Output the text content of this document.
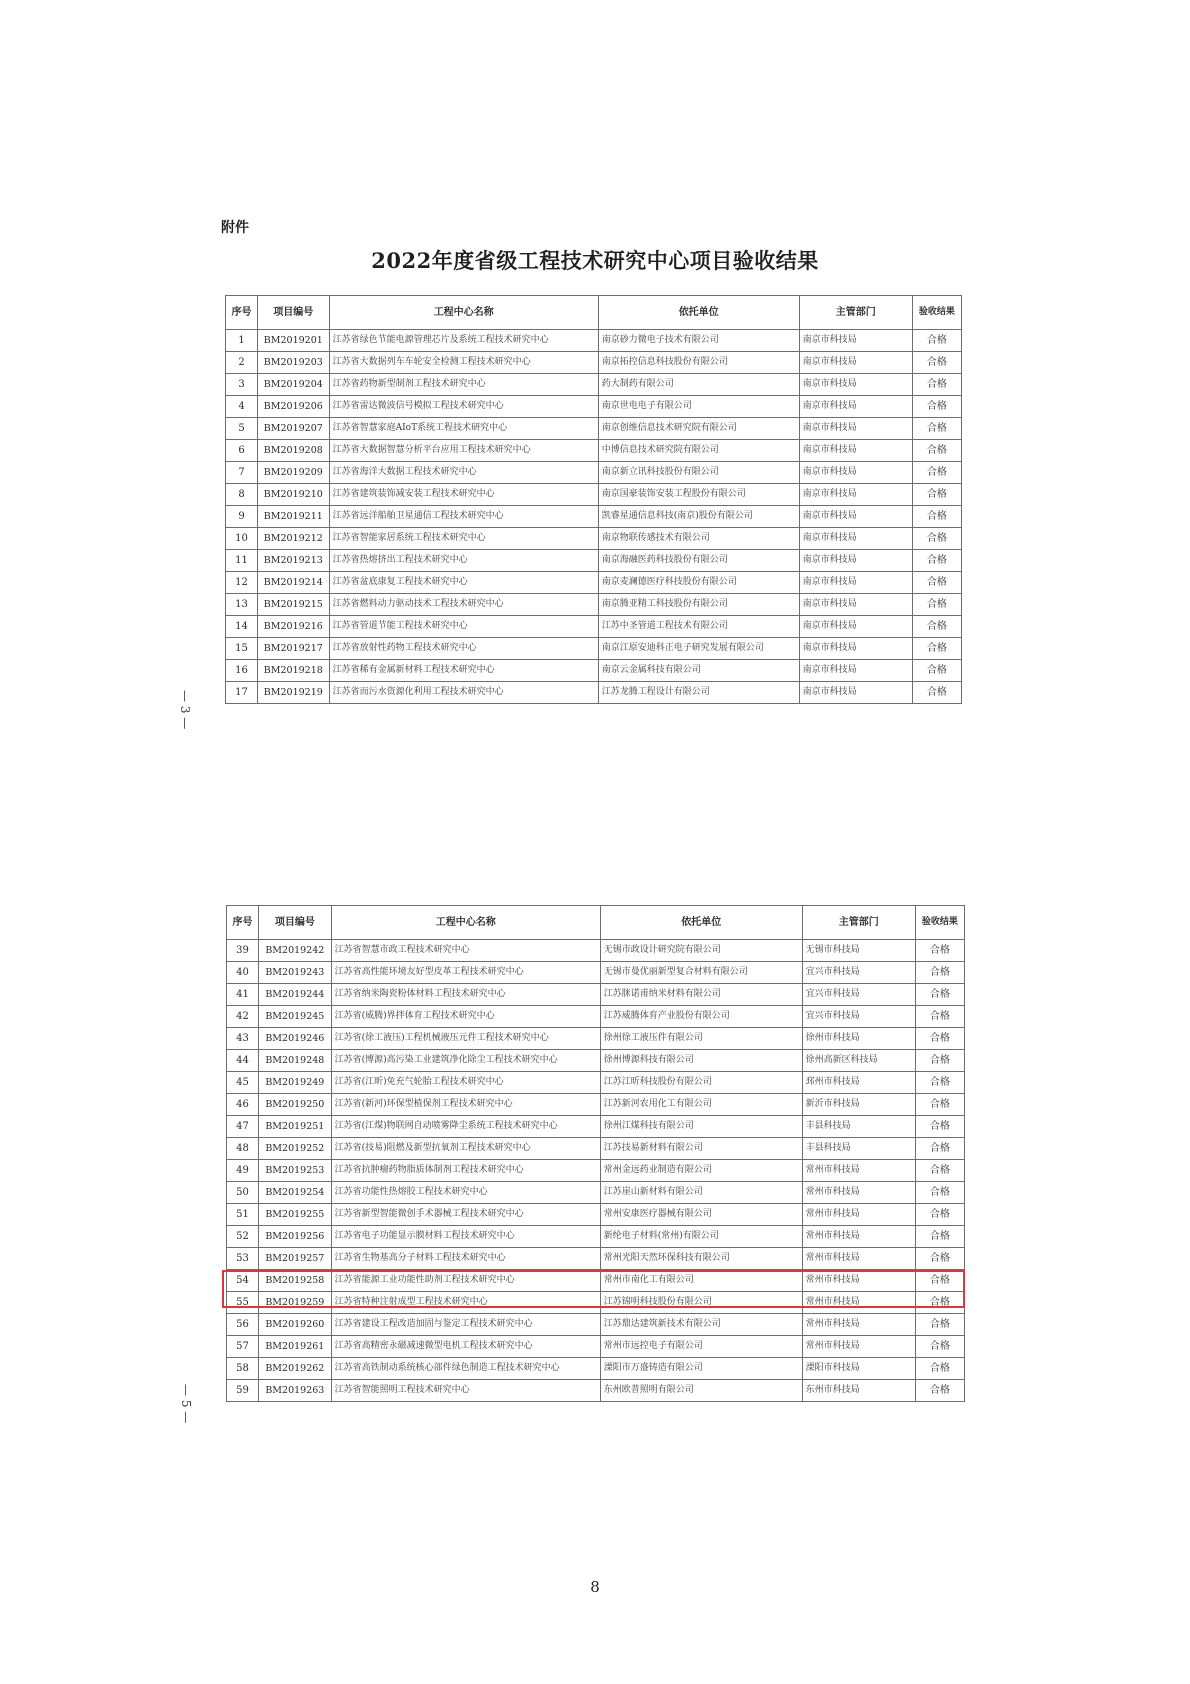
附件
2022年度省级工程技术研究中心项目验收结果
序号	项目编号	工程中心名称	依托单位	主管部门	验收结果
1	BM2019201	江苏省绿色节能电源管理芯片及系统工程技术研究中心	南京砂力微电子技术有限公司	南京市科技局	合格
2	BM2019203	江苏省大数据列车车轮安全检测工程技术研究中心	南京拓控信息科技股份有限公司	南京市科技局	合格
3	BM2019204	江苏省药物新型制剂工程技术研究中心	药大制药有限公司	南京市科技局	合格
4	BM2019206	江苏省雷达微波信号模拟工程技术研究中心	南京世电电子有限公司	南京市科技局	合格
5	BM2019207	江苏省智慧家庭AIoT系统工程技术研究中心	南京创维信息技术研究院有限公司	南京市科技局	合格
6	BM2019208	江苏省大数据智慧分析平台应用工程技术研究中心	中博信息技术研究院有限公司	南京市科技局	合格
7	BM2019209	江苏省海洋大数据工程技术研究中心	南京新立讯科技股份有限公司	南京市科技局	合格
8	BM2019210	江苏省建筑装饰减安装工程技术研究中心	南京国豪装饰安装工程股份有限公司	南京市科技局	合格
9	BM2019211	江苏省远洋船舶卫星通信工程技术研究中心	凯睿星通信息科技(南京)股份有限公司	南京市科技局	合格
10	BM2019212	江苏省智能家居系统工程技术研究中心	南京物联传感技术有限公司	南京市科技局	合格
11	BM2019213	江苏省热熔挤出工程技术研究中心	南京海融医药科技股份有限公司	南京市科技局	合格
12	BM2019214	江苏省盆底康复工程技术研究中心	南京麦澜德医疗科技股份有限公司	南京市科技局	合格
13	BM2019215	江苏省燃料动力驱动技术工程技术研究中心	南京腾亚精工科技股份有限公司	南京市科技局	合格
14	BM2019216	江苏省管道节能工程技术研究中心	江苏中圣管道工程技术有限公司	南京市科技局	合格
15	BM2019217	江苏省放射性药物工程技术研究中心	南京江原安迪科正电子研究发展有限公司	南京市科技局	合格
16	BM2019218	江苏省稀有金属新材料工程技术研究中心	南京云金属科技有限公司	南京市科技局	合格
17	BM2019219	江苏省而污水资源化利用工程技术研究中心	江苏龙腾工程设计有限公司	南京市科技局	合格
— 3 —
序号	项目编号	工程中心名称	依托单位	主管部门	验收结果
39	BM2019242	江苏省智慧市政工程技术研究中心	无锡市政设计研究院有限公司	无锡市科技局	合格
40	BM2019243	江苏省高性能环境友好型皮革工程技术研究中心	无锡市曼优丽新型复合材料有限公司	宜兴市科技局	合格
41	BM2019244	江苏省纳米陶瓷粉体材料工程技术研究中心	江苏脒诺甫纳米材料有限公司	宜兴市科技局	合格
42	BM2019245	江苏省(威腾)界拌体育工程技术研究中心	江苏威腾体育产业股份有限公司	宜兴市科技局	合格
43	BM2019246	江苏省(徐工液压)工程机械液压元件工程技术研究中心	徐州徐工液压件有限公司	徐州市科技局	合格
44	BM2019248	江苏省(博源)高污染工业建筑净化除尘工程技术研究中心	徐州博源科技有限公司	徐州高新区科技局	合格
45	BM2019249	江苏省(江昕)免充气轮胎工程技术研究中心	江苏江昕科技股份有限公司	邳州市科技局	合格
46	BM2019250	江苏省(新河)环保型植保剂工程技术研究中心	江苏新河农用化工有限公司	新沂市科技局	合格
47	BM2019251	江苏省(江煤)物联网自动喷雾降尘系统工程技术研究中心	徐州江煤科技有限公司	丰县科技局	合格
48	BM2019252	江苏省(技易)阻燃及新型抗氧剂工程技术研究中心	江苏技易新材料有限公司	丰县科技局	合格
49	BM2019253	江苏省抗肿瘤药物脂质体制剂工程技术研究中心	常州金远药业制造有限公司	常州市科技局	合格
50	BM2019254	江苏省功能性热熔胶工程技术研究中心	江苏崖山新材料有限公司	常州市科技局	合格
51	BM2019255	江苏省新型智能微创手术器械工程技术研究中心	常州安康医疗器械有限公司	常州市科技局	合格
52	BM2019256	江苏省电子功能显示膜材料工程技术研究中心	新纶电子材料(常州)有限公司	常州市科技局	合格
53	BM2019257	江苏省生物基高分子材料工程技术研究中心	常州光阳天然环保科技有限公司	常州市科技局	合格
54	BM2019258	江苏省能源工业功能性助剂工程技术研究中心	常州市南化工有限公司	常州市科技局	合格
55	BM2019259	江苏省特种注射成型工程技术研究中心	江苏锦明科技股份有限公司	常州市科技局	合格
56	BM2019260	江苏省建设工程改造加固与鉴定工程技术研究中心	江苏鼎达建筑新技术有限公司	常州市科技局	合格
57	BM2019261	江苏省高精密永磁减速微型电机工程技术研究中心	常州市远控电子有限公司	常州市科技局	合格
58	BM2019262	江苏省高铁制动系统核心部件绿色制造工程技术研究中心	溧阳市万盛铸造有限公司	溧阳市科技局	合格
59	BM2019263	江苏省智能照明工程技术研究中心	东州欧普照明有限公司	东州市科技局	合格
— 5 —
8
